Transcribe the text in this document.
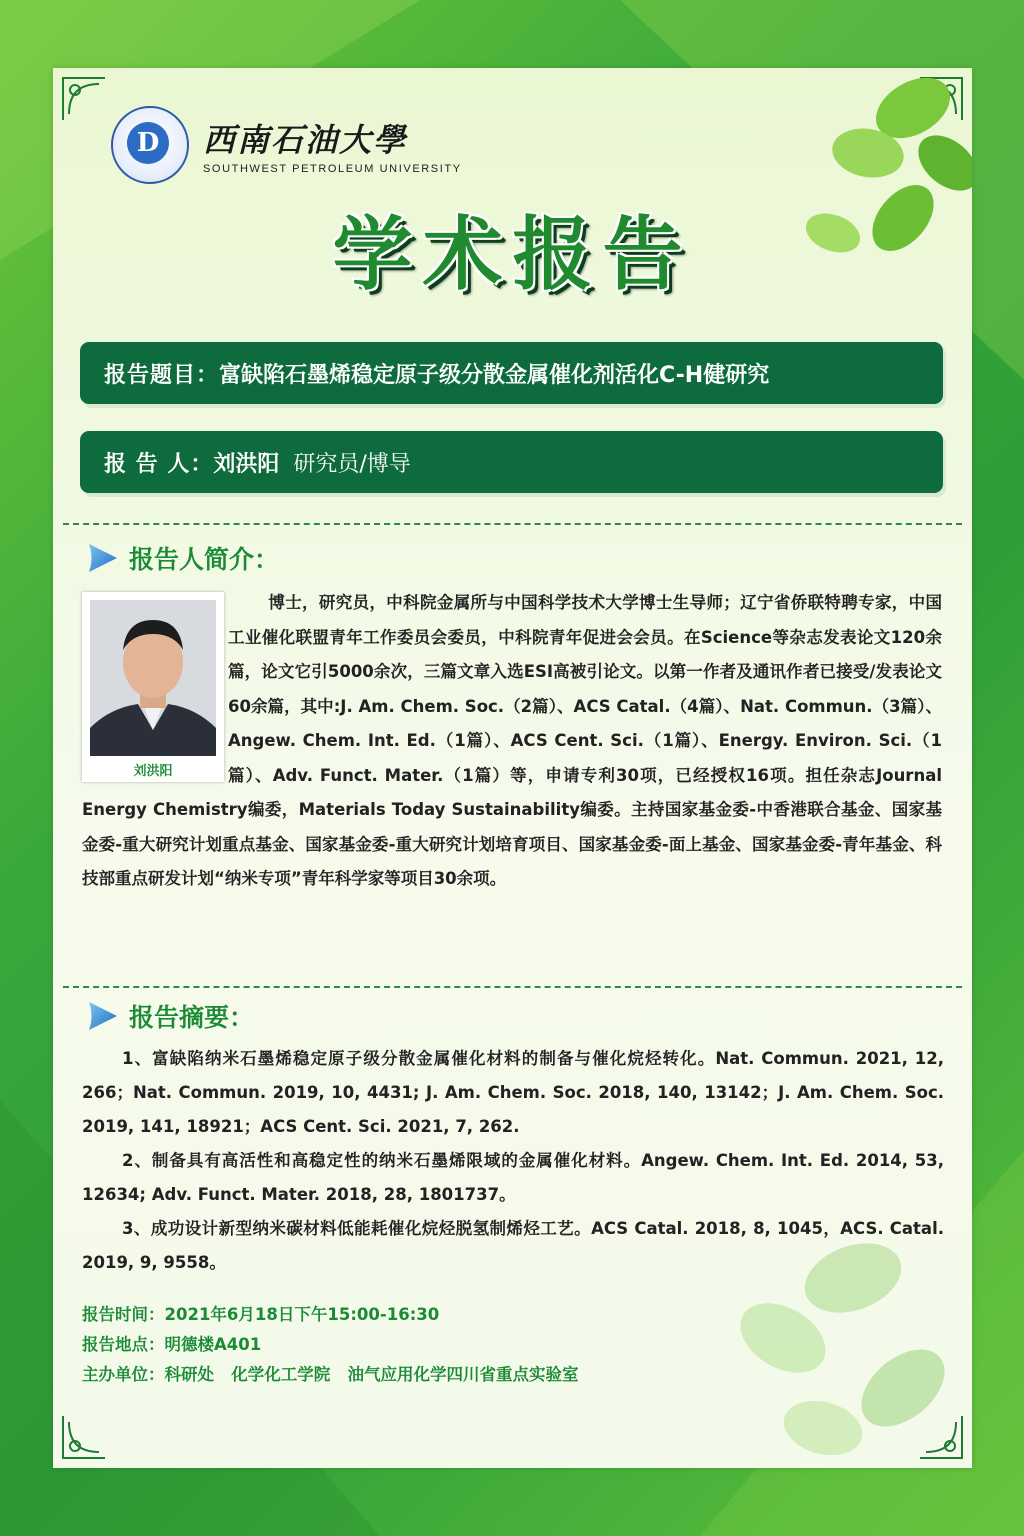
D	西南石油大學
SOUTHWEST PETROLEUM UNIVERSITY
学术报告
报告题目： 富缺陷石墨烯稳定原子级分散金属催化剂活化C-H健研究
报 告 人： 刘洪阳 研究员/博导
报告人简介：
博士，研究员，中科院金属所与中国科学技术大学博士生导师；辽宁省侨联特聘专家，中国工业催化联盟青年工作委员会委员，中科院青年促进会会员。在Science等杂志发表论文120余篇，论文它引5000余次，三篇文章入选ESI高被引论文。以第一作者及通讯作者已接受/发表论文60余篇，其中:J. Am. Chem. Soc.（2篇）、ACS Catal.（4篇）、Nat. Commun.（3篇）、Angew. Chem. Int. Ed.（1篇）、ACS Cent. Sci.（1篇）、Energy. Environ. Sci.（1篇）、Adv. Funct. Mater.（1篇）等，申请专利30项，已经授权16项。担任杂志Journal Energy Chemistry编委，Materials Today Sustainability编委。主持国家基金委-中香港联合基金、国家基金委-重大研究计划重点基金、国家基金委-重大研究计划培育项目、国家基金委-面上基金、国家基金委-青年基金、科技部重点研发计划“纳米专项”青年科学家等项目30余项。
刘洪阳
报告摘要：

1、富缺陷纳米石墨烯稳定原子级分散金属催化材料的制备与催化烷烃转化。Nat. Commun. 2021, 12, 266；Nat. Commun. 2019, 10, 4431; J. Am. Chem. Soc. 2018, 140, 13142；J. Am. Chem. Soc. 2019, 141, 18921；ACS Cent. Sci. 2021, 7, 262.

2、制备具有高活性和高稳定性的纳米石墨烯限域的金属催化材料。Angew. Chem. Int. Ed. 2014, 53, 12634; Adv. Funct. Mater. 2018, 28, 1801737。

3、成功设计新型纳米碳材料低能耗催化烷烃脱氢制烯烃工艺。ACS Catal. 2018, 8, 1045，ACS. Catal. 2019, 9, 9558。

报告时间：2021年6月18日下午15:00-16:30
报告地点：明德楼A401
主办单位：科研处   化学化工学院   油气应用化学四川省重点实验室
